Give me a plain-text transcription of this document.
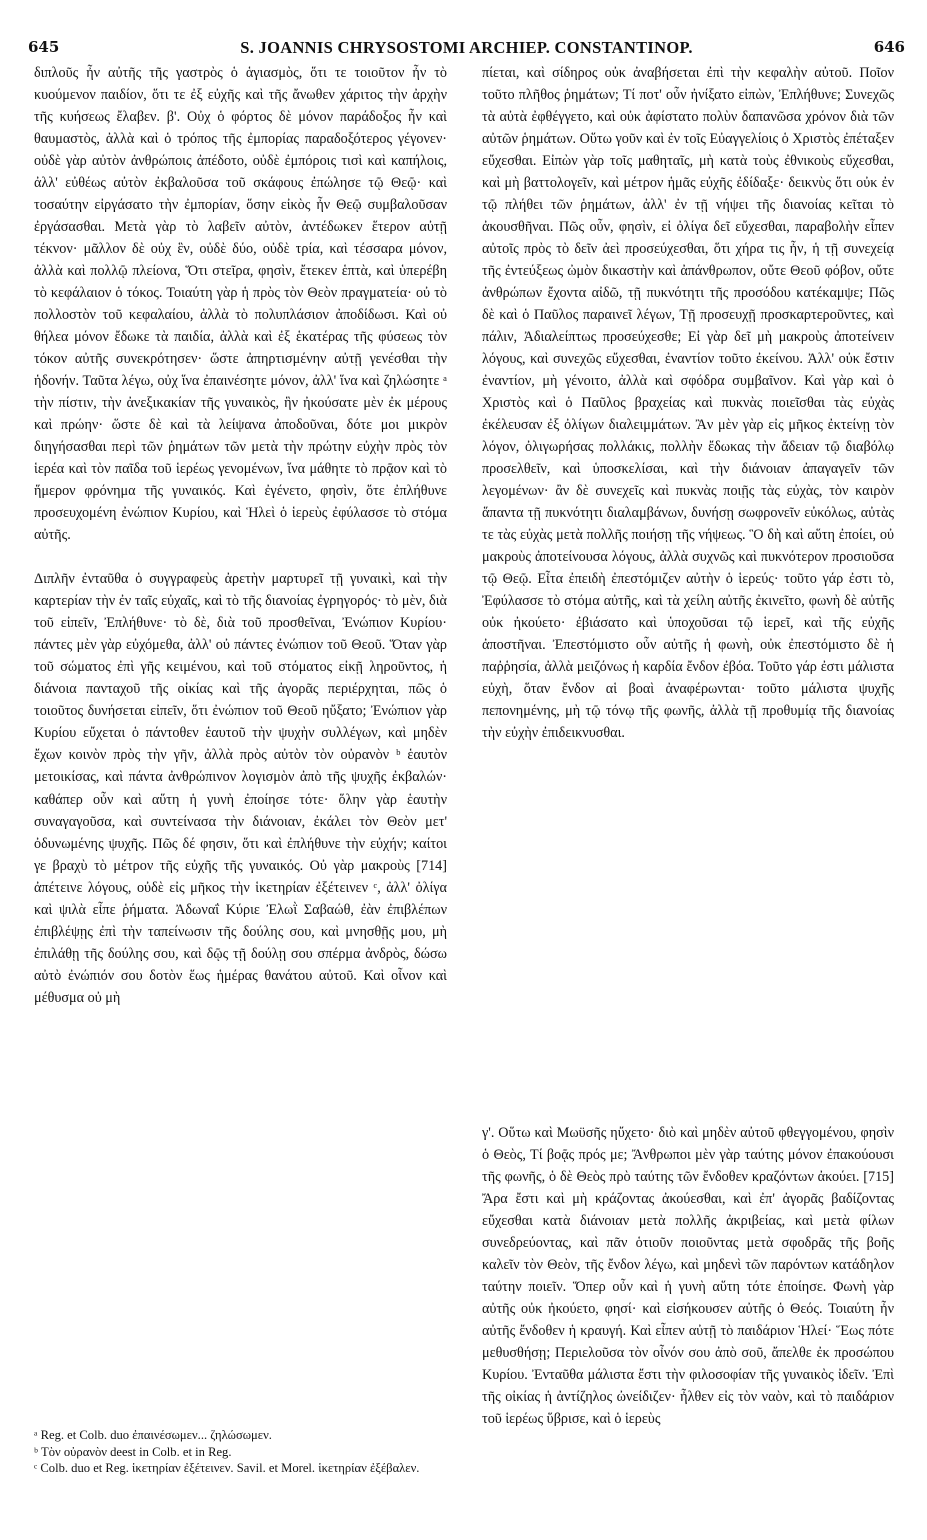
645	S. JOANNIS CHRYSOSTOMI ARCHIEP. CONSTANTINOP.	646

διπλοῦς ἦν αὐτῆς τῆς γαστρὸς ὁ ἁγιασμὸς, ὅτι τε τοιοῦτον ἦν τὸ κυούμενον παιδίον, ὅτι τε ἐξ εὐχῆς καὶ τῆς ἄνωθεν χάριτος τὴν ἀρχὴν τῆς κυήσεως ἔλαβεν. β'. Οὐχ ὁ φόρτος δὲ μόνον παράδοξος ἦν καὶ θαυμαστὸς, ἀλλὰ καὶ ὁ τρόπος τῆς ἐμπορίας παραδοξότερος γέγονεν· οὐδὲ γὰρ αὐτὸν ἀνθρώποις ἀπέδοτο, οὐδὲ ἐμπόροις τισὶ καὶ καπήλοις, ἀλλ' εὐθέως αὐτὸν ἐκβαλοῦσα τοῦ σκάφους ἐπώλησε τῷ Θεῷ· καὶ τοσαύτην εἰργάσατο τὴν ἐμπορίαν, ὅσην εἰκὸς ἦν Θεῷ συμβαλοῦσαν ἐργάσασθαι. Μετὰ γὰρ τὸ λαβεῖν αὐτὸν, ἀντέδωκεν ἕτερον αὐτῇ τέκνον· μᾶλλον δὲ οὐχ ἓν, οὐδὲ δύο, οὐδὲ τρία, καὶ τέσσαρα μόνον, ἀλλὰ καὶ πολλῷ πλείονα, Ὅτι στεῖρα, φησὶν, ἔτεκεν ἑπτὰ, καὶ ὑπερέβη τὸ κεφάλαιον ὁ τόκος. Τοιαύτη γὰρ ἡ πρὸς τὸν Θεὸν πραγματεία· οὐ τὸ πολλοστὸν τοῦ κεφαλαίου, ἀλλὰ τὸ πολυπλάσιον ἀποδίδωσι. Καὶ οὐ θήλεα μόνον ἔδωκε τὰ παιδία, ἀλλὰ καὶ ἐξ ἑκατέρας τῆς φύσεως τὸν τόκον αὐτῆς συνεκρότησεν· ὥστε ἀπηρτισμένην αὐτῇ γενέσθαι τὴν ἡδονήν. Ταῦτα λέγω, οὐχ ἵνα ἐπαινέσητε μόνον, ἀλλ' ἵνα καὶ ζηλώσητε ᵃ τὴν πίστιν, τὴν ἀνεξικακίαν τῆς γυναικὸς, ἣν ἠκούσατε μὲν ἐκ μέρους καὶ πρώην· ὥστε δὲ καὶ τὰ λείψανα ἀποδοῦναι, δότε μοι μικρὸν διηγήσασθαι περὶ τῶν ῥημάτων τῶν μετὰ τὴν πρώτην εὐχὴν πρὸς τὸν ἱερέα καὶ τὸν παῖδα τοῦ ἱερέως γενομένων, ἵνα μάθητε τὸ πρᾷον καὶ τὸ ἥμερον φρόνημα τῆς γυναικός. Καὶ ἐγένετο, φησὶν, ὅτε ἐπλήθυνε προσευχομένη ἐνώπιον Κυρίου, καὶ Ἡλεὶ ὁ ἱερεὺς ἐφύλασσε τὸ στόμα αὐτῆς.

Διπλῆν ἐνταῦθα ὁ συγγραφεὺς ἀρετὴν μαρτυρεῖ τῇ γυναικὶ, καὶ τὴν καρτερίαν τὴν ἐν ταῖς εὐχαῖς, καὶ τὸ τῆς διανοίας ἐγρηγορός· τὸ μὲν, διὰ τοῦ εἰπεῖν, Ἐπλήθυνε· τὸ δὲ, διὰ τοῦ προσθεῖναι, Ἐνώπιον Κυρίου· πάντες μὲν γὰρ εὐχόμεθα, ἀλλ' οὐ πάντες ἐνώπιον τοῦ Θεοῦ. Ὅταν γὰρ τοῦ σώματος ἐπὶ γῆς κειμένου, καὶ τοῦ στόματος εἰκῇ ληροῦντος, ἡ διάνοια πανταχοῦ τῆς οἰκίας καὶ τῆς ἀγορᾶς περιέρχηται, πῶς ὁ τοιοῦτος δυνήσεται εἰπεῖν, ὅτι ἐνώπιον τοῦ Θεοῦ ηὔξατο; Ἐνώπιον γὰρ Κυρίου εὔχεται ὁ πάντοθεν ἑαυτοῦ τὴν ψυχὴν συλλέγων, καὶ μηδὲν ἔχων κοινὸν πρὸς τὴν γῆν, ἀλλὰ πρὸς αὐτὸν τὸν οὐρανὸν ᵇ ἑαυτὸν μετοικίσας, καὶ πάντα ἀνθρώπινον λογισμὸν ἀπὸ τῆς ψυχῆς ἐκβαλών· καθάπερ οὖν καὶ αὕτη ἡ γυνὴ ἐποίησε τότε· ὅλην γὰρ ἑαυτὴν συναγαγοῦσα, καὶ συντείνασα τὴν διάνοιαν, ἐκάλει τὸν Θεὸν μετ' ὀδυνωμένης ψυχῆς. Πῶς δέ φησιν, ὅτι καὶ ἐπλήθυνε τὴν εὐχήν; καίτοι γε βραχὺ τὸ μέτρον τῆς εὐχῆς τῆς γυναικός. Οὐ γὰρ μακροὺς [714] ἀπέτεινε λόγους, οὐδὲ εἰς μῆκος τὴν ἱκετηρίαν ἐξέτεινεν ᶜ, ἀλλ' ὀλίγα καὶ ψιλὰ εἶπε ῥήματα. Ἀδωναΐ Κύριε Ἐλωῒ Σαβαώθ, ἐὰν ἐπιβλέπων ἐπιβλέψῃς ἐπὶ τὴν ταπείνωσιν τῆς δούλης σου, καὶ μνησθῇς μου, μὴ ἐπιλάθῃ τῆς δούλης σου, καὶ δῷς τῇ δούλῃ σου σπέρμα ἀνδρὸς, δώσω αὐτὸ ἐνώπιόν σου δοτὸν ἕως ἡμέρας θανάτου αὐτοῦ. Καὶ οἶνον καὶ μέθυσμα οὐ μὴ

πίεται, καὶ σίδηρος οὐκ ἀναβήσεται ἐπὶ τὴν κεφαλὴν αὐτοῦ. Ποῖον τοῦτο πλῆθος ῥημάτων; Τί ποτ' οὖν ἠνίξατο εἰπὼν, Ἐπλήθυνε; Συνεχῶς τὰ αὐτὰ ἐφθέγγετο, καὶ οὐκ ἀφίστατο πολὺν δαπανῶσα χρόνον διὰ τῶν αὐτῶν ῥημάτων. Οὕτω γοῦν καὶ ἐν τοῖς Εὐαγγελίοις ὁ Χριστὸς ἐπέταξεν εὔχεσθαι. Εἰπὼν γὰρ τοῖς μαθηταῖς, μὴ κατὰ τοὺς ἐθνικοὺς εὔχεσθαι, καὶ μὴ βαττολογεῖν, καὶ μέτρον ἡμᾶς εὐχῆς ἐδίδαξε· δεικνὺς ὅτι οὐκ ἐν τῷ πλήθει τῶν ῥημάτων, ἀλλ' ἐν τῇ νήψει τῆς διανοίας κεῖται τὸ ἀκουσθῆναι. Πῶς οὖν, φησὶν, εἰ ὀλίγα δεῖ εὔχεσθαι, παραβολὴν εἶπεν αὐτοῖς πρὸς τὸ δεῖν ἀεὶ προσεύχεσθαι, ὅτι χήρα τις ἦν, ἡ τῇ συνεχείᾳ τῆς ἐντεύξεως ὠμὸν δικαστὴν καὶ ἀπάνθρωπον, οὔτε Θεοῦ φόβον, οὔτε ἀνθρώπων ἔχοντα αἰδῶ, τῇ πυκνότητι τῆς προσόδου κατέκαμψε; Πῶς δὲ καὶ ὁ Παῦλος παραινεῖ λέγων, Τῇ προσευχῇ προσκαρτεροῦντες, καὶ πάλιν, Ἀδιαλείπτως προσεύχεσθε; Εἰ γὰρ δεῖ μὴ μακροὺς ἀποτείνειν λόγους, καὶ συνεχῶς εὔχεσθαι, ἐναντίον τοῦτο ἐκείνου. Ἀλλ' οὐκ ἔστιν ἐναντίον, μὴ γένοιτο, ἀλλὰ καὶ σφόδρα συμβαῖνον. Καὶ γὰρ καὶ ὁ Χριστὸς καὶ ὁ Παῦλος βραχείας καὶ πυκνὰς ποιεῖσθαι τὰς εὐχὰς ἐκέλευσαν ἐξ ὀλίγων διαλειμμάτων. Ἂν μὲν γὰρ εἰς μῆκος ἐκτείνῃ τὸν λόγον, ὀλιγωρήσας πολλάκις, πολλὴν ἔδωκας τὴν ἄδειαν τῷ διαβόλῳ προσελθεῖν, καὶ ὑποσκελίσαι, καὶ τὴν διάνοιαν ἀπαγαγεῖν τῶν λεγομένων· ἂν δὲ συνεχεῖς καὶ πυκνὰς ποιῇς τὰς εὐχὰς, τὸν καιρὸν ἅπαντα τῇ πυκνότητι διαλαμβάνων, δυνήσῃ σωφρονεῖν εὐκόλως, αὐτὰς τε τὰς εὐχὰς μετὰ πολλῆς ποιήσῃ τῆς νήψεως. Ὃ δὴ καὶ αὕτη ἐποίει, οὐ μακροὺς ἀποτείνουσα λόγους, ἀλλὰ συχνῶς καὶ πυκνότερον προσιοῦσα τῷ Θεῷ. Εἶτα ἐπειδὴ ἐπεστόμιζεν αὐτὴν ὁ ἱερεύς· τοῦτο γάρ ἐστι τὸ, Ἐφύλασσε τὸ στόμα αὐτῆς, καὶ τὰ χείλη αὐτῆς ἐκινεῖτο, φωνὴ δὲ αὐτῆς οὐκ ἠκούετο· ἐβιάσατο καὶ ὑποχοῦσαι τῷ ἱερεῖ, καὶ τῆς εὐχῆς ἀποστῆναι. Ἐπεστόμιστο οὖν αὐτῆς ἡ φωνὴ, οὐκ ἐπεστόμιστο δὲ ἡ παῤῥησία, ἀλλὰ μειζόνως ἡ καρδία ἔνδον ἐβόα. Τοῦτο γάρ ἐστι μάλιστα εὐχὴ, ὅταν ἔνδον αἱ βοαὶ ἀναφέρωνται· τοῦτο μάλιστα ψυχῆς πεπονημένης, μὴ τῷ τόνῳ τῆς φωνῆς, ἀλλὰ τῇ προθυμίᾳ τῆς διανοίας τὴν εὐχὴν ἐπιδεικνυσθαι.

γ'. Οὕτω καὶ Μωϋσῆς ηὔχετο· διὸ καὶ μηδὲν αὐτοῦ φθεγγομένου, φησὶν ὁ Θεὸς, Τί βοᾷς πρός με; Ἄνθρωποι μὲν γὰρ ταύτης μόνον ἐπακούουσι τῆς φωνῆς, ὁ δὲ Θεὸς πρὸ ταύτης τῶν ἔνδοθεν κραζόντων ἀκούει. [715] Ἄρα ἔστι καὶ μὴ κράζοντας ἀκούεσθαι, καὶ ἐπ' ἀγορᾶς βαδίζοντας εὔχεσθαι κατὰ διάνοιαν μετὰ πολλῆς ἀκριβείας, καὶ μετὰ φίλων συνεδρεύοντας, καὶ πᾶν ὁτιοῦν ποιοῦντας μετὰ σφοδρᾶς τῆς βοῆς καλεῖν τὸν Θεὸν, τῆς ἔνδον λέγω, καὶ μηδενὶ τῶν παρόντων κατάδηλον ταύτην ποιεῖν. Ὅπερ οὖν καὶ ἡ γυνὴ αὕτη τότε ἐποίησε. Φωνὴ γὰρ αὐτῆς οὐκ ἠκούετο, φησί· καὶ εἰσήκουσεν αὐτῆς ὁ Θεός. Τοιαύτη ἦν αὐτῆς ἔνδοθεν ἡ κραυγή. Καὶ εἶπεν αὐτῇ τὸ παιδάριον Ἡλεί· Ἕως πότε μεθυσθήσῃ; Περιελοῦσα τὸν οἶνόν σου ἀπὸ σοῦ, ἄπελθε ἐκ προσώπου Κυρίου. Ἐνταῦθα μάλιστα ἔστι τὴν φιλοσοφίαν τῆς γυναικὸς ἰδεῖν. Ἐπὶ τῆς οἰκίας ἡ ἀντίζηλος ὠνείδιζεν· ἦλθεν εἰς τὸν ναὸν, καὶ τὸ παιδάριον τοῦ ἱερέως ὕβρισε, καὶ ὁ ἱερεὺς

ᵃ Reg. et Colb. duo ἐπαινέσωμεν... ζηλώσωμεν.

ᵇ Τὸν οὐρανὸν deest in Colb. et in Reg.

ᶜ Colb. duo et Reg. ἱκετηρίαν ἐξέτεινεν. Savil. et Morel. ἱκετηρίαν ἐξέβαλεν.
